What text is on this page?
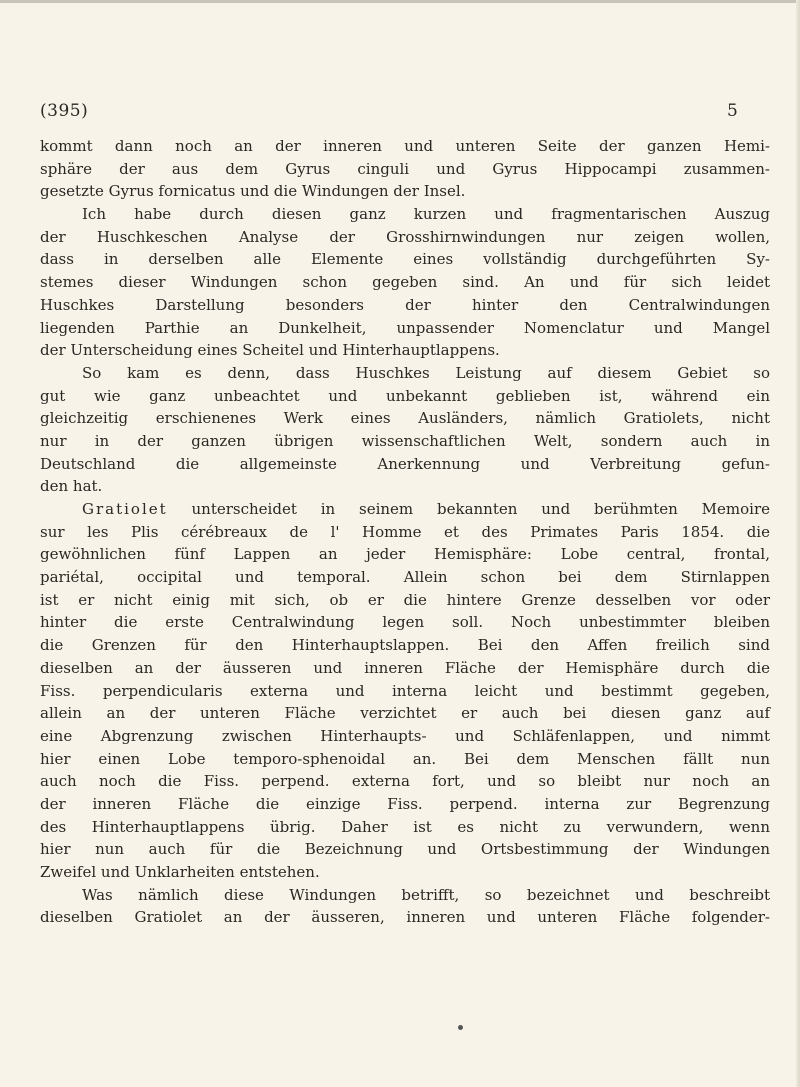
(395)	5
kommt dann noch an der inneren und unteren Seite der ganzen Hemi-
sphäre der aus dem Gyrus cinguli und Gyrus Hippocampi zusammen-
gesetzte Gyrus fornicatus und die Windungen der Insel.
Ich habe durch diesen ganz kurzen und fragmentarischen Auszug
der Huschkeschen Analyse der Grosshirnwindungen nur zeigen wollen,
dass in derselben alle Elemente eines vollständig durchgeführten Sy-
stemes dieser Windungen schon gegeben sind. An und für sich leidet
Huschkes Darstellung besonders der hinter den Centralwindungen
liegenden Parthie an Dunkelheit, unpassender Nomenclatur und Mangel
der Unterscheidung eines Scheitel und Hinterhauptlappens.
So kam es denn, dass Huschkes Leistung auf diesem Gebiet so
gut wie ganz unbeachtet und unbekannt geblieben ist, während ein
gleichzeitig erschienenes Werk eines Ausländers, nämlich Gratiolets, nicht
nur in der ganzen übrigen wissenschaftlichen Welt, sondern auch in
Deutschland die allgemeinste Anerkennung und Verbreitung gefun-
den hat.
Gratiolet unterscheidet in seinem bekannten und berühmten Memoire
sur les Plis cérébreaux de l' Homme et des Primates Paris 1854. die
gewöhnlichen fünf Lappen an jeder Hemisphäre: Lobe central, frontal,
pariétal, occipital und temporal. Allein schon bei dem Stirnlappen
ist er nicht einig mit sich, ob er die hintere Grenze desselben vor oder
hinter die erste Centralwindung legen soll. Noch unbestimmter bleiben
die Grenzen für den Hinterhauptslappen. Bei den Affen freilich sind
dieselben an der äusseren und inneren Fläche der Hemisphäre durch die
Fiss. perpendicularis externa und interna leicht und bestimmt gegeben,
allein an der unteren Fläche verzichtet er auch bei diesen ganz auf
eine Abgrenzung zwischen Hinterhaupts- und Schläfenlappen, und nimmt
hier einen Lobe temporo-sphenoidal an. Bei dem Menschen fällt nun
auch noch die Fiss. perpend. externa fort, und so bleibt nur noch an
der inneren Fläche die einzige Fiss. perpend. interna zur Begrenzung
des Hinterhauptlappens übrig. Daher ist es nicht zu verwundern, wenn
hier nun auch für die Bezeichnung und Ortsbestimmung der Windungen
Zweifel und Unklarheiten entstehen.
Was nämlich diese Windungen betrifft, so bezeichnet und beschreibt
dieselben Gratiolet an der äusseren, inneren und unteren Fläche folgender-
